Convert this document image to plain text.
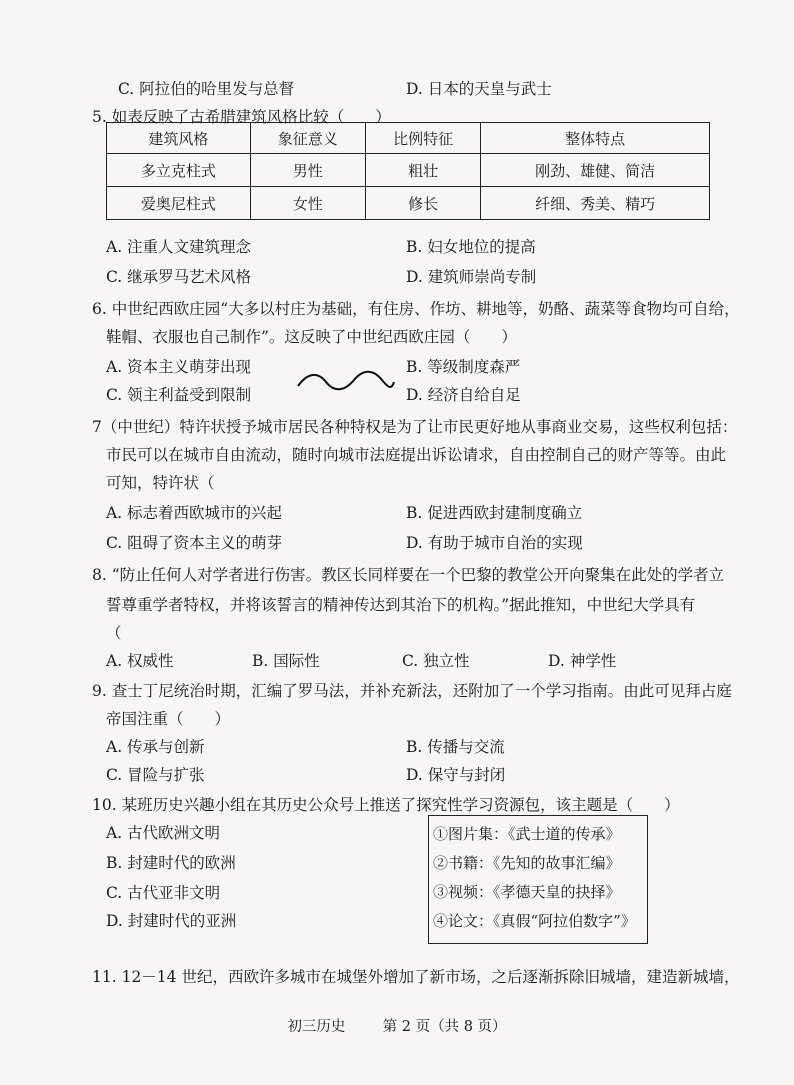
C. 阿拉伯的哈里发与总督	D. 日本的天皇与武士
5. 如表反映了古希腊建筑风格比较（　　）
建筑风格	象征意义	比例特征	整体特点
多立克柱式	男性	粗壮	刚劲、雄健、简洁
爱奥尼柱式	女性	修长	纤细、秀美、精巧
A. 注重人文建筑理念	B. 妇女地位的提高
C. 继承罗马艺术风格	D. 建筑师崇尚专制
6. 中世纪西欧庄园“大多以村庄为基础，有住房、作坊、耕地等，奶酪、蔬菜等食物均可自给，
鞋帽、衣服也自己制作”。这反映了中世纪西欧庄园（　　）
A. 资本主义萌芽出现	B. 等级制度森严
C. 领主利益受到限制	D. 经济自给自足
7（中世纪）特许状授予城市居民各种特权是为了让市民更好地从事商业交易，这些权利包括：
市民可以在城市自由流动，随时向城市法庭提出诉讼请求，自由控制自己的财产等等。由此
可知，特许状（
A. 标志着西欧城市的兴起	B. 促进西欧封建制度确立
C. 阻碍了资本主义的萌芽	D. 有助于城市自治的实现
8. “防止任何人对学者进行伤害。教区长同样要在一个巴黎的教堂公开向聚集在此处的学者立
誓尊重学者特权，并将该誓言的精神传达到其治下的机构。”据此推知，中世纪大学具有
（
A. 权威性	B. 国际性	C. 独立性	D. 神学性
9. 查士丁尼统治时期，汇编了罗马法，并补充新法，还附加了一个学习指南。由此可见拜占庭
帝国注重（　　）
A. 传承与创新	B. 传播与交流
C. 冒险与扩张	D. 保守与封闭
10. 某班历史兴趣小组在其历史公众号上推送了探究性学习资源包，该主题是（　　）
A. 古代欧洲文明
B. 封建时代的欧洲
C. 古代亚非文明
D. 封建时代的亚洲
①图片集：《武士道的传承》
②书籍：《先知的故事汇编》
③视频：《孝德天皇的抉择》
④论文：《真假“阿拉伯数字”》
11. 12－14 世纪，西欧许多城市在城堡外增加了新市场，之后逐渐拆除旧城墙，建造新城墙，
初三历史	第 2 页（共 8 页）
